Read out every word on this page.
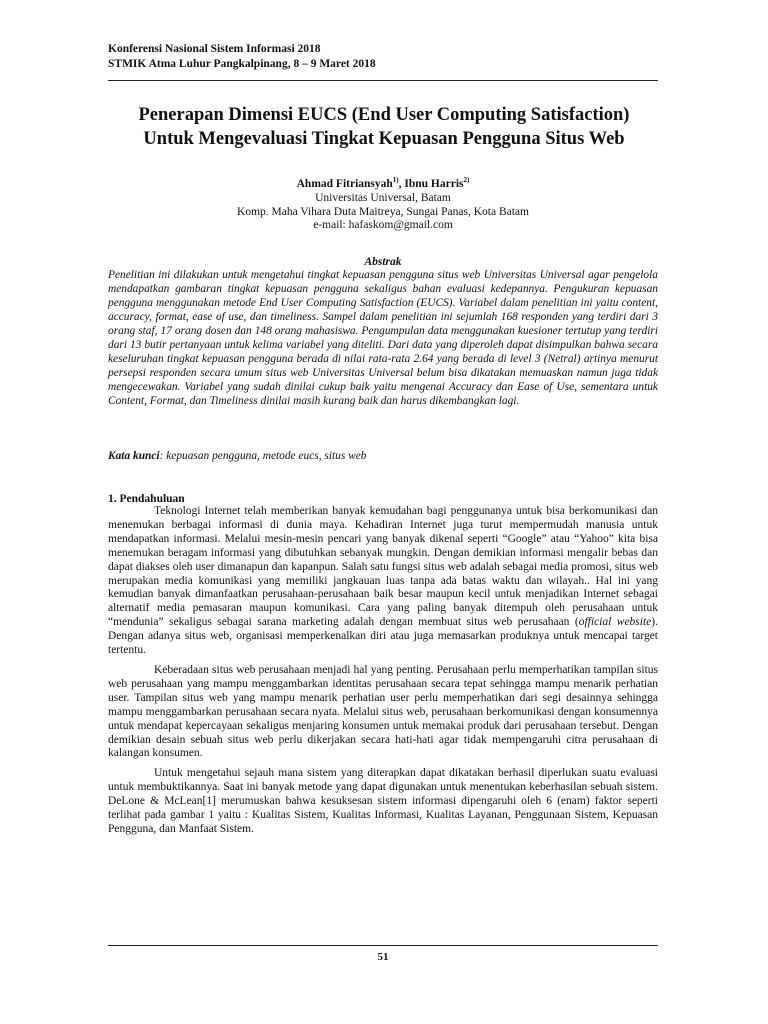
Konferensi Nasional Sistem Informasi 2018
STMIK Atma Luhur Pangkalpinang, 8 – 9 Maret 2018
Penerapan Dimensi EUCS (End User Computing Satisfaction)
Untuk Mengevaluasi Tingkat Kepuasan Pengguna Situs Web
Ahmad Fitriansyah$^{1)}$, Ibnu Harris$^{2)}$
Universitas Universal, Batam
Komp. Maha Vihara Duta Maitreya, Sungai Panas, Kota Batam
e-mail: hafaskom@gmail.com
Abstrak
Penelitian ini dilakukan untuk mengetahui tingkat kepuasan pengguna situs web Universitas Universal agar pengelola mendapatkan gambaran tingkat kepuasan pengguna sekaligus bahan evaluasi kedepannya. Pengukuran kepuasan pengguna menggunakan metode End User Computing Satisfaction (EUCS). Variabel dalam penelitian ini yaitu content, accuracy, format, ease of use, dan timeliness. Sampel dalam penelitian ini sejumlah 168 responden yang terdiri dari 3 orang staf, 17 orang dosen dan 148 orang mahasiswa. Pengumpulan data menggunakan kuesioner tertutup yang terdiri dari 13 butir pertanyaan untuk kelima variabel yang diteliti. Dari data yang diperoleh dapat disimpulkan bahwa secara keseluruhan tingkat kepuasan pengguna berada di nilai rata-rata 2.64 yang berada di level 3 (Netral) artinya menurut persepsi responden secara umum situs web Universitas Universal belum bisa dikatakan memuaskan namun juga tidak mengecewakan. Variabel yang sudah dinilai cukup baik yaitu mengenai Accuracy dan Ease of Use, sementara untuk Content, Format, dan Timeliness dinilai masih kurang baik dan harus dikembangkan lagi.
Kata kunci: kepuasan pengguna, metode eucs, situs web
1. Pendahuluan

Teknologi Internet telah memberikan banyak kemudahan bagi penggunanya untuk bisa berkomunikasi dan menemukan berbagai informasi di dunia maya. Kehadiran Internet juga turut mempermudah manusia untuk mendapatkan informasi. Melalui mesin-mesin pencari yang banyak dikenal seperti “Google” atau “Yahoo” kita bisa menemukan beragam informasi yang dibutuhkan sebanyak mungkin. Dengan demikian informasi mengalir bebas dan dapat diakses oleh user dimanapun dan kapanpun. Salah satu fungsi situs web adalah sebagai media promosi, situs web merupakan media komunikasi yang memiliki jangkauan luas tanpa ada batas waktu dan wilayah.. Hal ini yang kemudian banyak dimanfaatkan perusahaan-perusahaan baik besar maupun kecil untuk menjadikan Internet sebagai alternatif media pemasaran maupun komunikasi. Cara yang paling banyak ditempuh oleh perusahaan untuk “mendunia” sekaligus sebagai sarana marketing adalah dengan membuat situs web perusahaan (official website). Dengan adanya situs web, organisasi memperkenalkan diri atau juga memasarkan produknya untuk mencapai target tertentu.

Keberadaan situs web perusahaan menjadi hal yang penting. Perusahaan perlu memperhatikan tampilan situs web perusahaan yang mampu menggambarkan identitas perusahaan secara tepat sehingga mampu menarik perhatian user. Tampilan situs web yang mampu menarik perhatian user perlu memperhatikan dari segi desainnya sehingga mampu menggambarkan perusahaan secara nyata. Melalui situs web, perusahaan berkomunikasi dengan konsumennya untuk mendapat kepercayaan sekaligus menjaring konsumen untuk memakai produk dari perusahaan tersebut. Dengan demikian desain sebuah situs web perlu dikerjakan secara hati-hati agar tidak mempengaruhi citra perusahaan di kalangan konsumen.

Untuk mengetahui sejauh mana sistem yang diterapkan dapat dikatakan berhasil diperlukan suatu evaluasi untuk membuktikannya. Saat ini banyak metode yang dapat digunakan untuk menentukan keberhasilan sebuah sistem. DeLone & McLean[1] merumuskan bahwa kesuksesan sistem informasi dipengaruhi oleh 6 (enam) faktor seperti terlihat pada gambar 1 yaitu : Kualitas Sistem, Kualitas Informasi, Kualitas Layanan, Penggunaan Sistem, Kepuasan Pengguna, dan Manfaat Sistem.

51
